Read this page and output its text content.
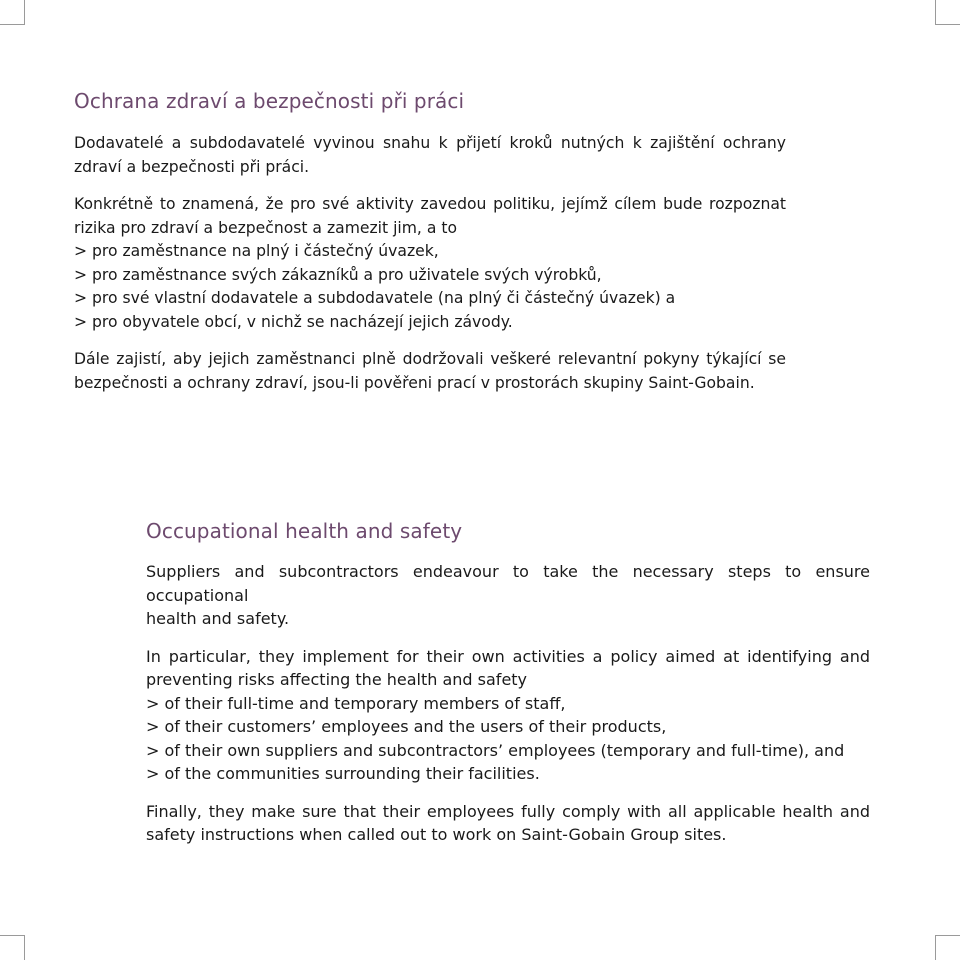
Ochrana zdraví a bezpečnosti při práci

Dodavatelé a subdodavatelé vyvinou snahu k přijetí kroků nutných k zajištění ochrany zdraví a bezpečnosti při práci.

Konkrétně to znamená, že pro své aktivity zavedou politiku, jejímž cílem bude rozpoznat rizika pro zdraví a bezpečnost a zamezit jim, a to
> pro zaměstnance na plný i částečný úvazek,
> pro zaměstnance svých zákazníků a pro uživatele svých výrobků,
> pro své vlastní dodavatele a subdodavatele (na plný či částečný úvazek) a
> pro obyvatele obcí, v nichž se nacházejí jejich závody.

Dále zajistí, aby jejich zaměstnanci plně dodržovali veškeré relevantní pokyny týkající se bezpečnosti a ochrany zdraví, jsou-li pověřeni prací v prostorách skupiny Saint-Gobain.

Occupational health and safety

Suppliers and subcontractors endeavour to take the necessary steps to ensure occupational
health and safety.

In particular, they implement for their own activities a policy aimed at identifying and preventing risks affecting the health and safety
> of their full-time and temporary members of staff,
> of their customers’ employees and the users of their products,
> of their own suppliers and subcontractors’ employees (temporary and full-time), and
> of the communities surrounding their facilities.

Finally, they make sure that their employees fully comply with all applicable health and safety instructions when called out to work on Saint-Gobain Group sites.
